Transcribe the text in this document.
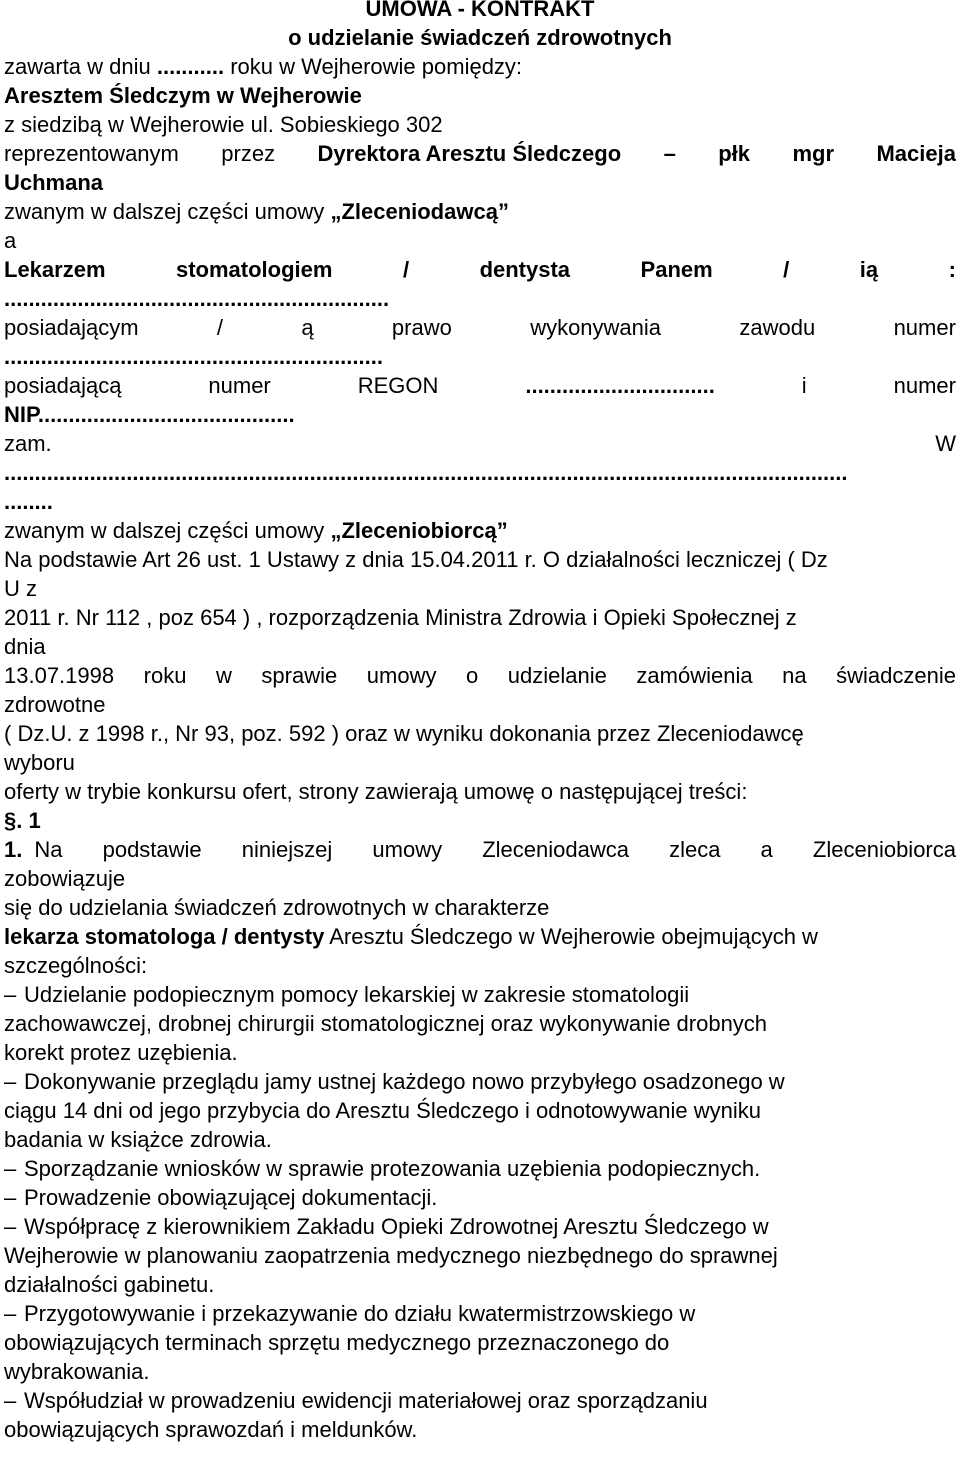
UMOWA - KONTRAKT
o udzielanie świadczeń zdrowotnych
zawarta w dniu ........... roku w Wejherowie pomiędzy:
Aresztem Śledczym w Wejherowie
z siedzibą w Wejherowie ul. Sobieskiego 302
reprezentowanym przez Dyrektora Aresztu Śledczego – płk mgr Macieja
Uchmana
zwanym w dalszej części umowy „Zleceniodawcą”
a
Lekarzem	stomatologiem	/	dentysta	Panem	/	ią	:
...............................................................
posiadającym	/	ą	prawo	wykonywania	zawodu	numer
..............................................................
posiadającą	numer	REGON	...............................	i	numer
NIP..........................................
zam.	W
..........................................................................................................................................
........
zwanym w dalszej części umowy „Zleceniobiorcą”
Na podstawie Art 26 ust. 1 Ustawy z dnia 15.04.2011 r. O działalności leczniczej ( Dz
U z
2011 r. Nr 112 , poz 654 ) , rozporządzenia Ministra Zdrowia i Opieki Społecznej z
dnia
13.07.1998 roku w sprawie umowy o udzielanie zamówienia na świadczenie
zdrowotne
( Dz.U. z 1998 r., Nr 93, poz. 592 ) oraz w wyniku dokonania przez Zleceniodawcę
wyboru
oferty w trybie konkursu ofert, strony zawierają umowę o następującej treści:
§. 1
1. Na podstawie niniejszej umowy Zleceniodawca zleca a Zleceniobiorca
zobowiązuje
się do udzielania świadczeń zdrowotnych w charakterze
lekarza stomatologa / dentysty Aresztu Śledczego w Wejherowie obejmujących w
szczególności:
– Udzielanie podopiecznym pomocy lekarskiej w zakresie stomatologii
zachowawczej, drobnej chirurgii stomatologicznej oraz wykonywanie drobnych
korekt protez uzębienia.
– Dokonywanie przeglądu jamy ustnej każdego nowo przybyłego osadzonego w
ciągu 14 dni od jego przybycia do Aresztu Śledczego i odnotowywanie wyniku
badania w książce zdrowia.
– Sporządzanie wniosków w sprawie protezowania uzębienia podopiecznych.
– Prowadzenie obowiązującej dokumentacji.
– Współpracę z kierownikiem Zakładu Opieki Zdrowotnej Aresztu Śledczego w
Wejherowie w planowaniu zaopatrzenia medycznego niezbędnego do sprawnej
działalności gabinetu.
– Przygotowywanie i przekazywanie do działu kwatermistrzowskiego w
obowiązujących terminach sprzętu medycznego przeznaczonego do
wybrakowania.
– Współudział w prowadzeniu ewidencji materiałowej oraz sporządzaniu
obowiązujących sprawozdań i meldunków.
